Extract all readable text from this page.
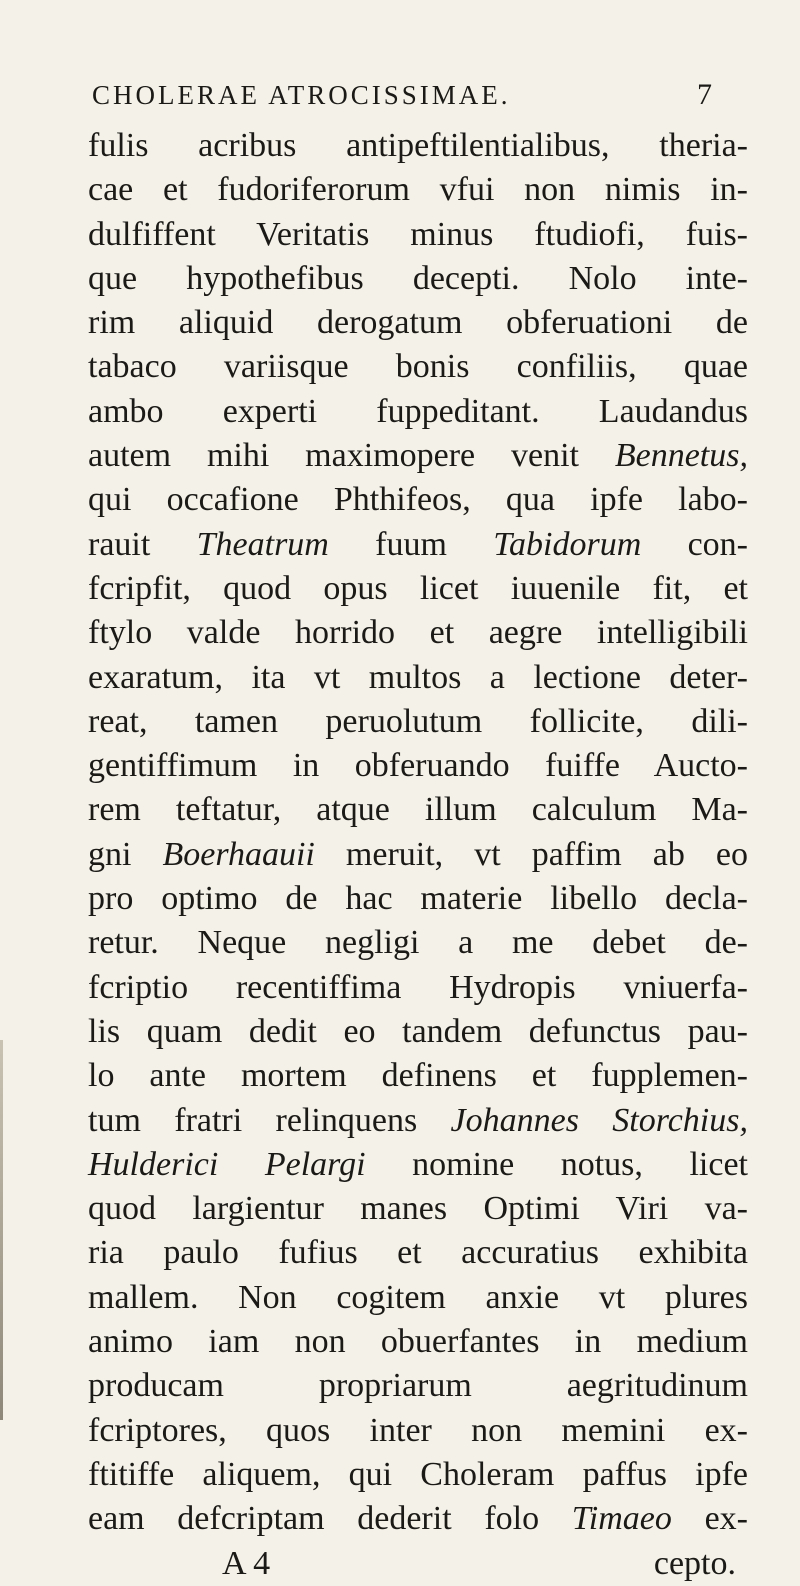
CHOLERAE ATROCISSIMAE.	7
fulis acribus antipeftilentialibus, theria-
cae et fudoriferorum vfui non nimis in-
dulfiffent Veritatis minus ftudiofi, fuis-
que hypothefibus decepti. Nolo inte-
rim aliquid derogatum obferuationi de
tabaco variisque bonis confiliis, quae
ambo experti fuppeditant. Laudandus
autem mihi maximopere venit Bennetus,
qui occafione Phthifeos, qua ipfe labo-
rauit Theatrum fuum Tabidorum con-
fcripfit, quod opus licet iuuenile fit, et
ftylo valde horrido et aegre intelligibili
exaratum, ita vt multos a lectione deter-
reat, tamen peruolutum follicite, dili-
gentiffimum in obferuando fuiffe Aucto-
rem teftatur, atque illum calculum Ma-
gni Boerhaauii meruit, vt paffim ab eo
pro optimo de hac materie libello decla-
retur. Neque negligi a me debet de-
fcriptio recentiffima Hydropis vniuerfa-
lis quam dedit eo tandem defunctus pau-
lo ante mortem definens et fupplemen-
tum fratri relinquens Johannes Storchius,
Hulderici Pelargi nomine notus, licet
quod largientur manes Optimi Viri va-
ria paulo fufius et accuratius exhibita
mallem. Non cogitem anxie vt plures
animo iam non obuerfantes in medium
producam propriarum aegritudinum
fcriptores, quos inter non memini ex-
ftitiffe aliquem, qui Choleram paffus ipfe
eam defcriptam dederit folo Timaeo ex-
A 4	cepto.
